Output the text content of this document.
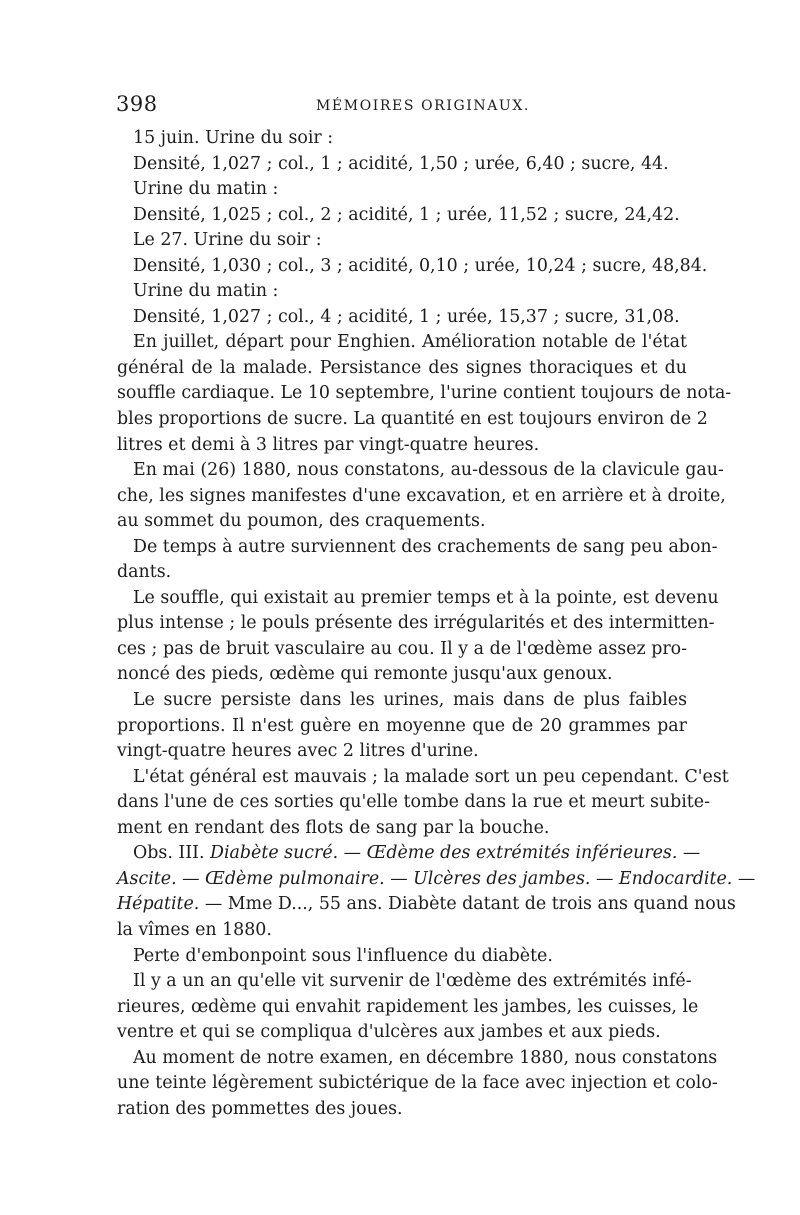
398	MÉMOIRES ORIGINAUX.

15 juin. Urine du soir :

Densité, 1,027 ; col., 1 ; acidité, 1,50 ; urée, 6,40 ; sucre, 44.

Urine du matin :

Densité, 1,025 ; col., 2 ; acidité, 1 ; urée, 11,52 ; sucre, 24,42.

Le 27. Urine du soir :

Densité, 1,030 ; col., 3 ; acidité, 0,10 ; urée, 10,24 ; sucre, 48,84.

Urine du matin :

Densité, 1,027 ; col., 4 ; acidité, 1 ; urée, 15,37 ; sucre, 31,08.

En juillet, départ pour Enghien. Amélioration notable de l'état
général de la malade. Persistance des signes thoraciques et du
souffle cardiaque. Le 10 septembre, l'urine contient toujours de nota-
bles proportions de sucre. La quantité en est toujours environ de 2
litres et demi à 3 litres par vingt-quatre heures.

En mai (26) 1880, nous constatons, au-dessous de la clavicule gau-
che, les signes manifestes d'une excavation, et en arrière et à droite,
au sommet du poumon, des craquements.

De temps à autre surviennent des crachements de sang peu abon-
dants.

Le souffle, qui existait au premier temps et à la pointe, est devenu
plus intense ; le pouls présente des irrégularités et des intermitten-
ces ; pas de bruit vasculaire au cou. Il y a de l'œdème assez pro-
noncé des pieds, œdème qui remonte jusqu'aux genoux.

Le sucre persiste dans les urines, mais dans de plus faibles
proportions. Il n'est guère en moyenne que de 20 grammes par
vingt-quatre heures avec 2 litres d'urine.

L'état général est mauvais ; la malade sort un peu cependant. C'est
dans l'une de ces sorties qu'elle tombe dans la rue et meurt subite-
ment en rendant des flots de sang par la bouche.

Obs. III. Diabète sucré. — Œdème des extrémités inférieures. —
Ascite. — Œdème pulmonaire. — Ulcères des jambes. — Endocardite. —
Hépatite. — Mme D..., 55 ans. Diabète datant de trois ans quand nous
la vîmes en 1880.

Perte d'embonpoint sous l'influence du diabète.

Il y a un an qu'elle vit survenir de l'œdème des extrémités infé-
rieures, œdème qui envahit rapidement les jambes, les cuisses, le
ventre et qui se compliqua d'ulcères aux jambes et aux pieds.

Au moment de notre examen, en décembre 1880, nous constatons
une teinte légèrement subictérique de la face avec injection et colo-
ration des pommettes des joues.
